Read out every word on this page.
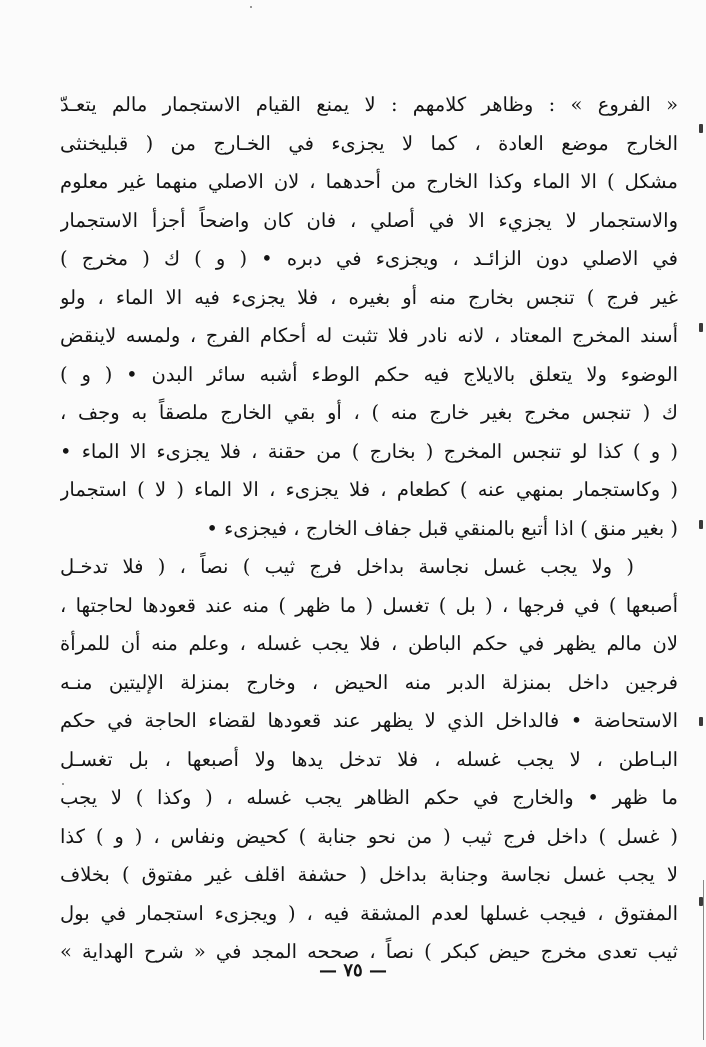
« الفروع » : وظاهر كلامهم : لا يمنع القيام الاستجمار مالم يتعـدّ
الخارج موضع العادة ، كما لا يجزىء في الخـارج من ( قبليخنثى
مشكل ) الا الماء وكذا الخارج من أحدهما ، لان الاصلي منهما غير معلوم
والاستجمار لا يجزيء الا في أصلي ، فان كان واضحاً أجزأ الاستجمار
في الاصلي دون الزائـد ، ويجزىء في دبره • ( و ) ك ( مخرج )
غير فرج ) تنجس بخارج منه أو بغيره ، فلا يجزىء فيه الا الماء ، ولو
أسند المخرج المعتاد ، لانه نادر فلا تثبت له أحكام الفرج ، ولمسه لاينقض
الوضوء ولا يتعلق بالايلاج فيه حكم الوطء أشبه سائر البدن • ( و )
ك ( تنجس مخرج بغير خارج منه ) ، أو بقي الخارج ملصقاً به وجف ،
( و ) كذا لو تنجس المخرج ( بخارج ) من حقنة ، فلا يجزىء الا الماء •
( وكاستجمار بمنهي عنه ) كطعام ، فلا يجزىء ، الا الماء ( لا ) استجمار
( بغير منق ) اذا أتبع بالمنقي قبل جفاف الخارج ، فيجزىء •
( ولا يجب غسل نجاسة بداخل فرج ثيب ) نصاً ، ( فلا تدخـل
أصبعها ) في فرجها ، ( بل ) تغسل ( ما ظهر ) منه عند قعودها لحاجتها ،
لان مالم يظهر في حكم الباطن ، فلا يجب غسله ، وعلم منه أن للمرأة
فرجين داخل بمنزلة الدبر منه الحيض ، وخارج بمنزلة الإليتين منـه
الاستحاضة • فالداخل الذي لا يظهر عند قعودها لقضاء الحاجة في حكم
البـاطن ، لا يجب غسله ، فلا تدخل يدها ولا أصبعها ، بل تغسـل
ما ظهر • والخارج في حكم الظاهر يجب غسله ، ( وكذا ) لا يجب
( غسل ) داخل فرج ثيب ( من نحو جنابة ) كحيض ونفاس ، ( و ) كذا
لا يجب غسل نجاسة وجنابة بداخل ( حشفة اقلف غير مفتوق ) بخلاف
المفتوق ، فيجب غسلها لعدم المشقة فيه ، ( ويجزىء استجمار في بول
ثيب تعدى مخرج حيض كبكر ) نصاً ، صححه المجد في « شرح الهداية »
— ٧٥ —
